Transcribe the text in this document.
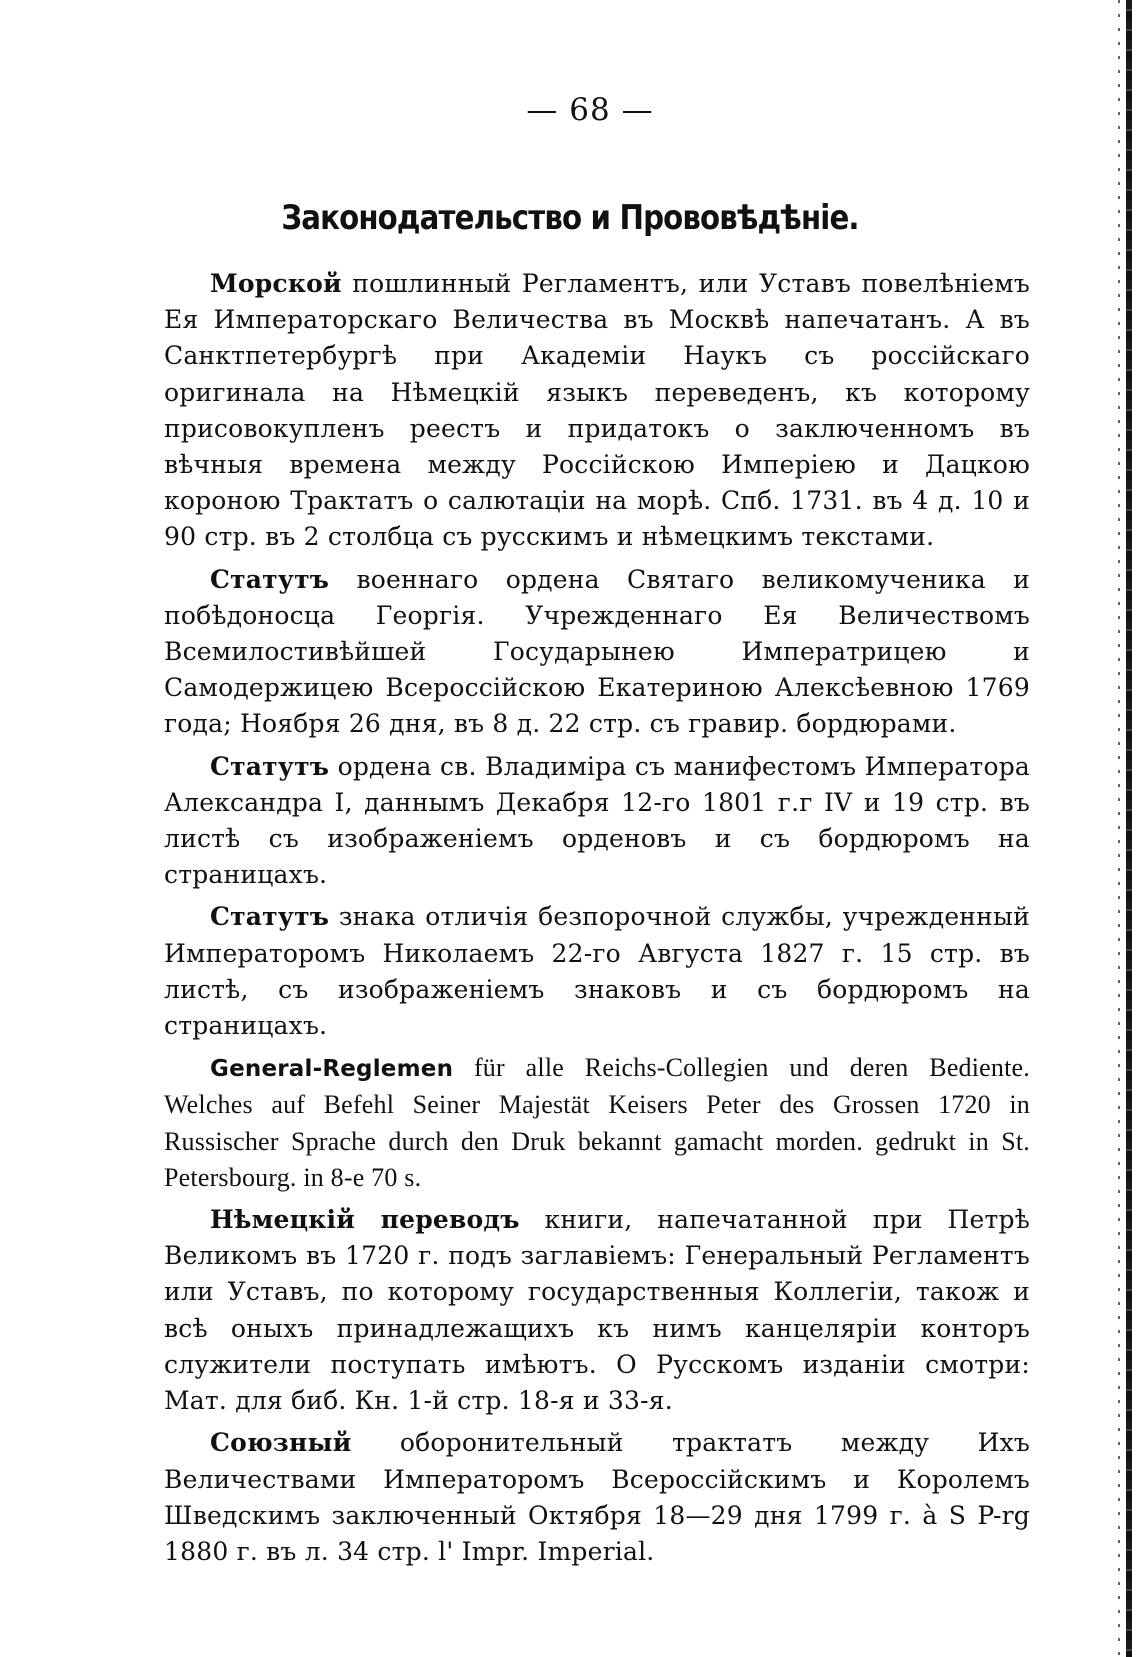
— 68 —
Законодательство и Прововѣдѣнiе.

Морской пошлинный Регламентъ, или Уставъ повелѣнiемъ Ея Императорскаго Величества въ Москвѣ напечатанъ. А въ Санктпетербургѣ при Академiи Наукъ съ россiйскаго оригинала на Нѣмецкiй языкъ переведенъ, къ которому присовокупленъ реестъ и придатокъ о заключенномъ въ вѣчныя времена между Россiйскою Имперiею и Дацкою короною Трактатъ о салютацiи на морѣ. Спб. 1731. въ 4 д. 10 и 90 стр. въ 2 столбца съ русскимъ и нѣмецкимъ текстами.

Статутъ военнаго ордена Святаго великомученика и побѣдоносца Георгiя. Учрежденнаго Ея Величествомъ Всемилостивѣйшей Государынею Императрицею и Самодержицею Всероссiйскою Екатериною Алексѣевною 1769 года; Ноября 26 дня, въ 8 д. 22 стр. съ гравир. бордюрами.

Статутъ ордена св. Владимiра съ манифестомъ Императора Александра I, даннымъ Декабря 12-го 1801 г.г IV и 19 стр. въ листѣ съ изображенiемъ орденовъ и съ бордюромъ на страницахъ.

Статутъ знака отличiя безпорочной службы, учрежденный Императоромъ Николаемъ 22-го Августа 1827 г. 15 стр. въ листѣ, съ изображенiемъ знаковъ и съ бордюромъ на страницахъ.

General-Reglemen für alle Reichs-Collegien und deren Bediente. Welches auf Befehl Seiner Majestät Keisers Peter des Grossen 1720 in Russischer Sprache durch den Druk bekannt gamacht morden. gedrukt in St. Petersbourg. in 8-e 70 s.

Нѣмецкiй переводъ книги, напечатанной при Петрѣ Великомъ въ 1720 г. подъ заглавiемъ: Генеральный Регламентъ или Уставъ, по которому государственныя Коллегiи, також и всѣ оныхъ принадлежащихъ къ нимъ канцелярiи конторъ служители поступать имѣютъ. О Русскомъ изданiи смотри: Мат. для биб. Кн. 1-й стр. 18-я и 33-я.

Союзный оборонительный трактатъ между Ихъ Величествами Императоромъ Всероссiйскимъ и Королемъ Шведскимъ заключенный Октября 18—29 дня 1799 г. à S P-rg 1880 г. въ л. 34 стр. l' Impr. Imperial.
